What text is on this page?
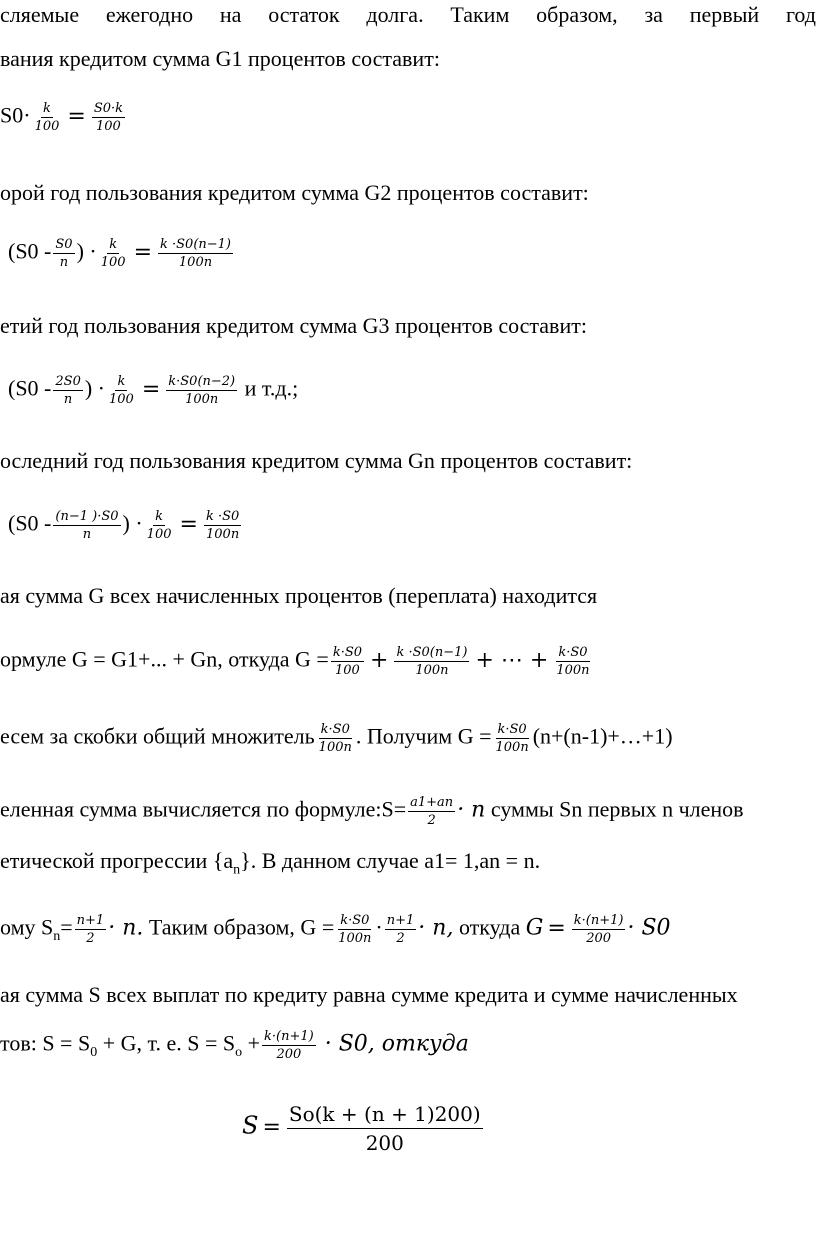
сляемые ежегодно на остаток долга. Таким образом, за первый год
вания кредитом сумма G1 процентов составит:
$S0\cdot \frac{k}{100} = \frac{S0\cdot k}{100}$
орой год пользования кредитом сумма G2 процентов составит:
($S0 - \frac{S0}{n}$ ) · $\frac{k}{100} = \frac{k \cdot S0(n-1)}{100n}$
етий год пользования кредитом сумма G3 процентов составит:
($S0 - \frac{2S0}{n}$ ) · $\frac{k}{100} = \frac{k\cdot S0(n-2)}{100n}$ и т.д.;
оследний год пользования кредитом сумма Gn процентов составит:
($S0 - \frac{(n-1 )\cdot S0}{n}$ ) · $\frac{k}{100} = \frac{k \cdot S0}{100n}$
ая сумма G всех начисленных процентов (переплата) находится
ормуле G = G1+... + Gn, откуда $G = \frac{k\cdot S0}{100} + \frac{k \cdot S0(n-1)}{100n}$ + ⋯ + $\frac{k\cdot S0}{100n}$
есем за скобки общий множитель $\frac{k\cdot S0}{100n}$ . Получим $G = \frac{k\cdot S0}{100n}$ (n+(n-1)+…+1)
еленная сумма вычисляется по формуле:S= $\frac{a1+an}{2} \cdot n$ суммы Sn первых n членов
етической прогрессии $\{a_n\}$. В данном случае a1= 1,an = n.
ому $S_n= \frac{n+1}{2} \cdot n$. Таким образом, $G = \frac{k\cdot S0}{100n} \cdot \frac{n+1}{2} \cdot n$, откуда $G = \frac{k\cdot(n+1)}{200} \cdot S0$
ая сумма S всех выплат по кредиту равна сумме кредита и сумме начисленных
тов: $S = S_0 + G$, т. е. $S = S_o + \frac{k\cdot(n+1)}{200} \cdot S0$, откуда
$S = \frac{So(k + (n + 1)200)}{200}$
